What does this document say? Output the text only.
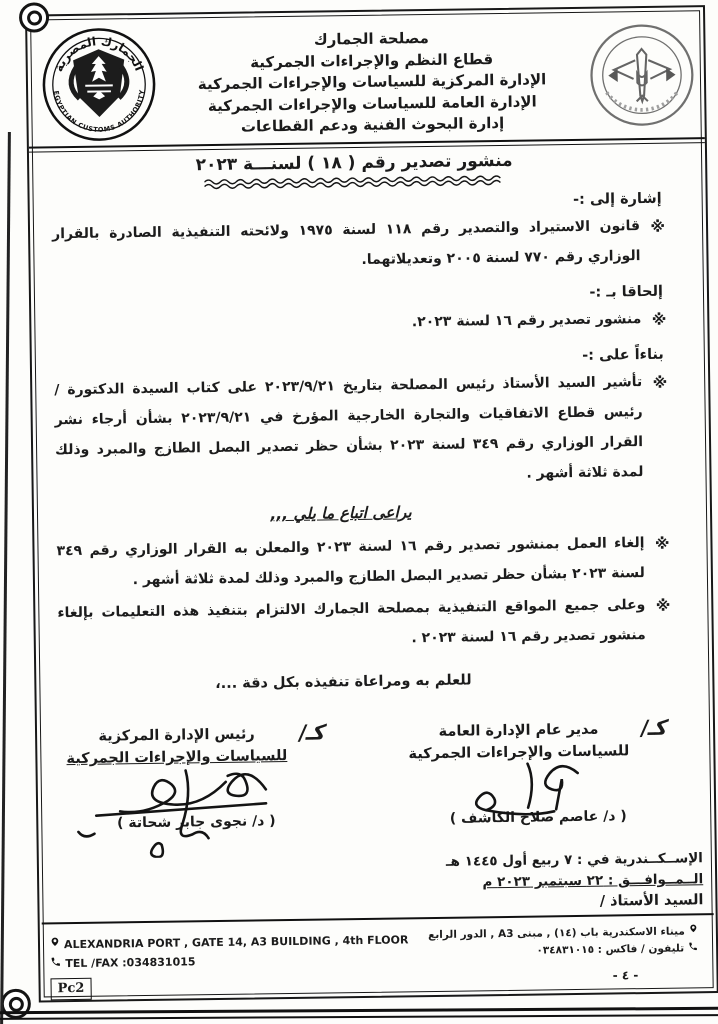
الجمارك المصرية
EGYPTIAN CUSTOMS AUTHORITY
مصلحة الجمارك
قطاع النظم والإجراءات الجمركية
الإدارة المركزية للسياسات والإجراءات الجمركية
الإدارة العامة للسياسات والإجراءات الجمركية
إدارة البحوث الفنية ودعم القطاعات
منشور تصدير رقم ( ١٨ ) لسنـــة ٢٠٢٣
إشارة إلى :-
※
قانون الاستيراد والتصدير رقم ١١٨ لسنة ١٩٧٥ ولائحته التنفيذية الصادرة بالقرار الوزاري رقم ٧٧٠ لسنة ٢٠٠٥ وتعديلاتهما.
إلحاقا بـ :-
※
منشور تصدير رقم ١٦ لسنة ٢٠٢٣.
بناءاً على :-
※
تأشير السيد الأستاذ رئيس المصلحة بتاريخ ٢٠٢٣/٩/٢١ على كتاب السيدة الدكتورة / رئيس قطاع الاتفاقيات والتجارة الخارجية المؤرخ في ٢٠٢٣/٩/٢١ بشأن أرجاء نشر القرار الوزاري رقم ٣٤٩ لسنة ٢٠٢٣ بشأن حظر تصدير البصل الطازج والمبرد وذلك لمدة ثلاثة أشهر .
يراعى اتباع ما يلي ,,,
※
إلغاء العمل بمنشور تصدير رقم ١٦ لسنة ٢٠٢٣ والمعلن به القرار الوزاري رقم ٣٤٩ لسنة ٢٠٢٣ بشأن حظر تصدير البصل الطازج والمبرد وذلك لمدة ثلاثة أشهر .
※
وعلى جميع المواقع التنفيذية بمصلحة الجمارك الالتزام بتنفيذ هذه التعليمات بإلغاء منشور تصدير رقم ١٦ لسنة ٢٠٢٣ .
للعلم به ومراعاة تنفيذه بكل دقة ...،
كـ/
رئيس الإدارة المركزية
للسياسات والإجراءات الجمركية
( د/ نجوى جابر شحاتة )
كـ/
مدير عام الإدارة العامة
للسياسات والإجراءات الجمركية
( د/ عاصم صلاح الكاشف )
الإســكــندرية في : ٧ ربيع أول ١٤٤٥ هـ
الــمــوافـــق : ٢٢ سبتمبر ٢٠٢٣ م
السيد الأستاذ /
ميناء الاسكندرية باب (١٤) , مبنى A3 , الدور الرابع
تليفون / فاكس : ٠٣٤٨٣١٠١٥
- ٤ -
ALEXANDRIA PORT , GATE 14, A3 BUILDING , 4th FLOOR
TEL /FAX :034831015
Pc2
